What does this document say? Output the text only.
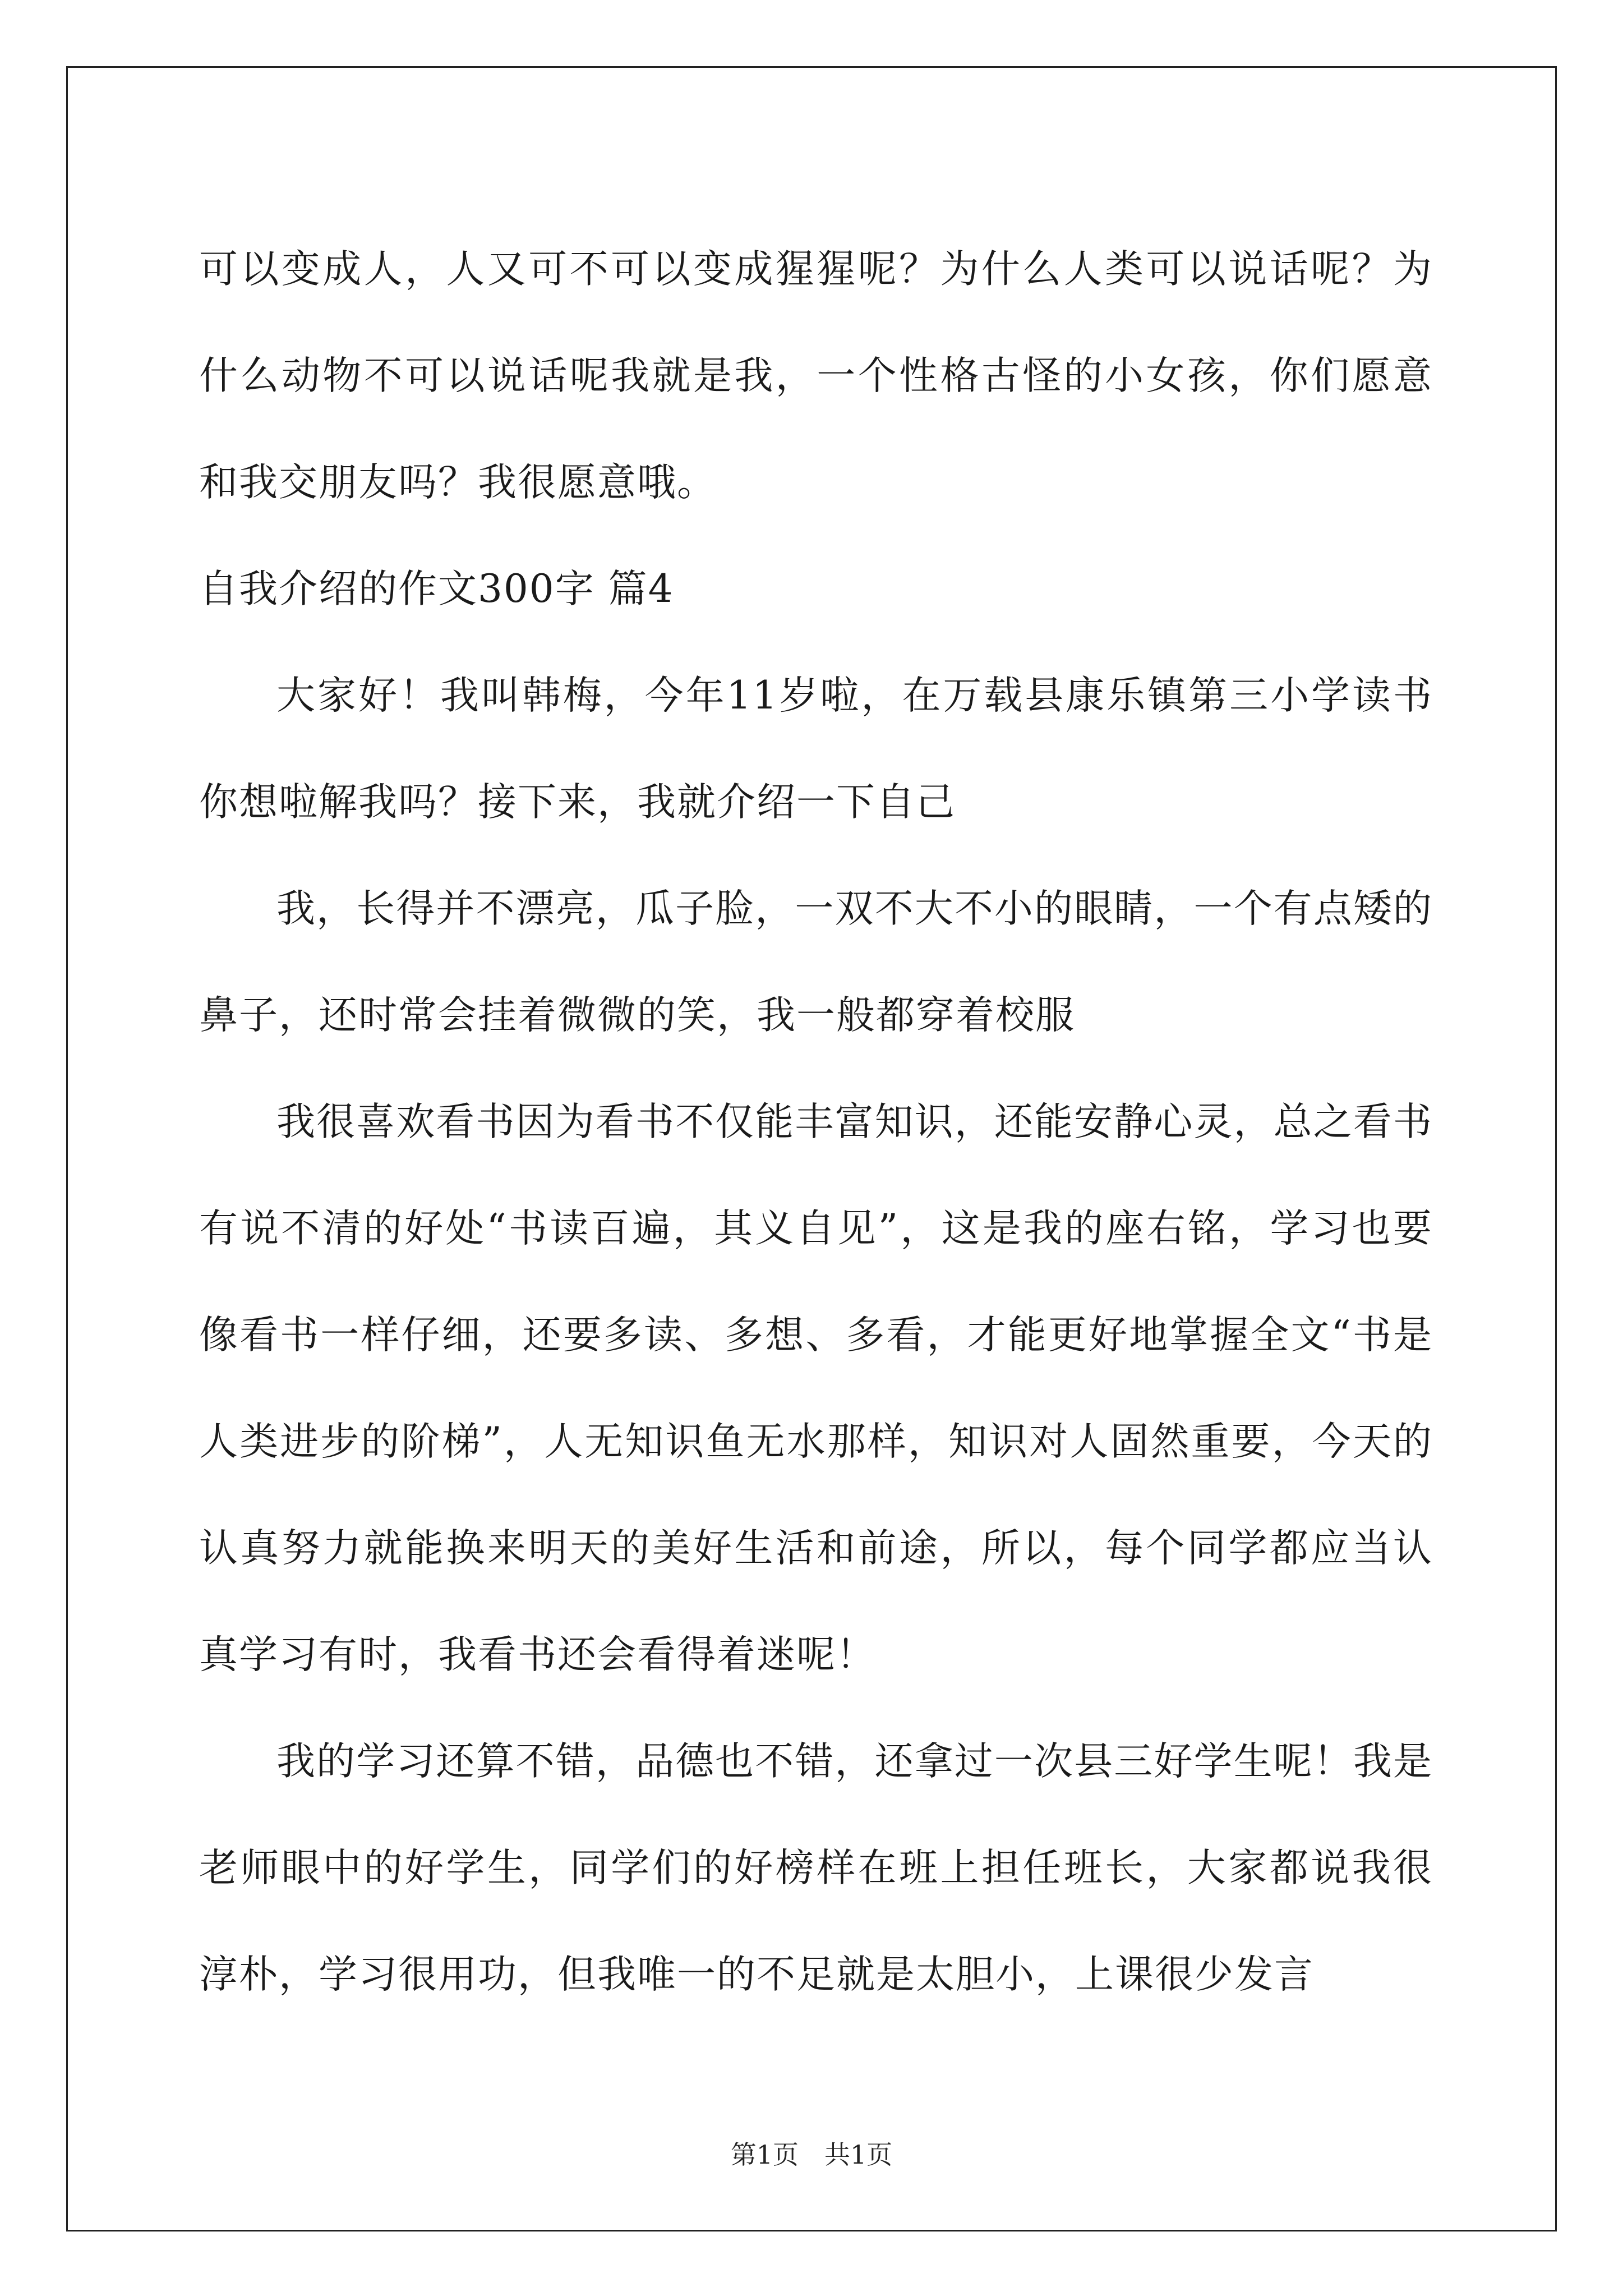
可以变成人，人又可不可以变成猩猩呢？为什么人类可以说话呢？为什么动物不可以说话呢我就是我，一个性格古怪的小女孩，你们愿意和我交朋友吗？我很愿意哦。

自我介绍的作文300字 篇4

大家好！我叫韩梅，今年11岁啦，在万载县康乐镇第三小学读书你想啦解我吗？接下来，我就介绍一下自己

我，长得并不漂亮，瓜子脸，一双不大不小的眼睛，一个有点矮的鼻子，还时常会挂着微微的笑，我一般都穿着校服

我很喜欢看书因为看书不仅能丰富知识，还能安静心灵，总之看书有说不清的好处“书读百遍，其义自见”，这是我的座右铭，学习也要像看书一样仔细，还要多读、多想、多看，才能更好地掌握全文“书是人类进步的阶梯”，人无知识鱼无水那样，知识对人固然重要，今天的认真努力就能换来明天的美好生活和前途，所以，每个同学都应当认真学习有时，我看书还会看得着迷呢！

我的学习还算不错，品德也不错，还拿过一次县三好学生呢！我是老师眼中的好学生，同学们的好榜样在班上担任班长，大家都说我很淳朴，学习很用功，但我唯一的不足就是太胆小，上课很少发言

第1页　共1页
